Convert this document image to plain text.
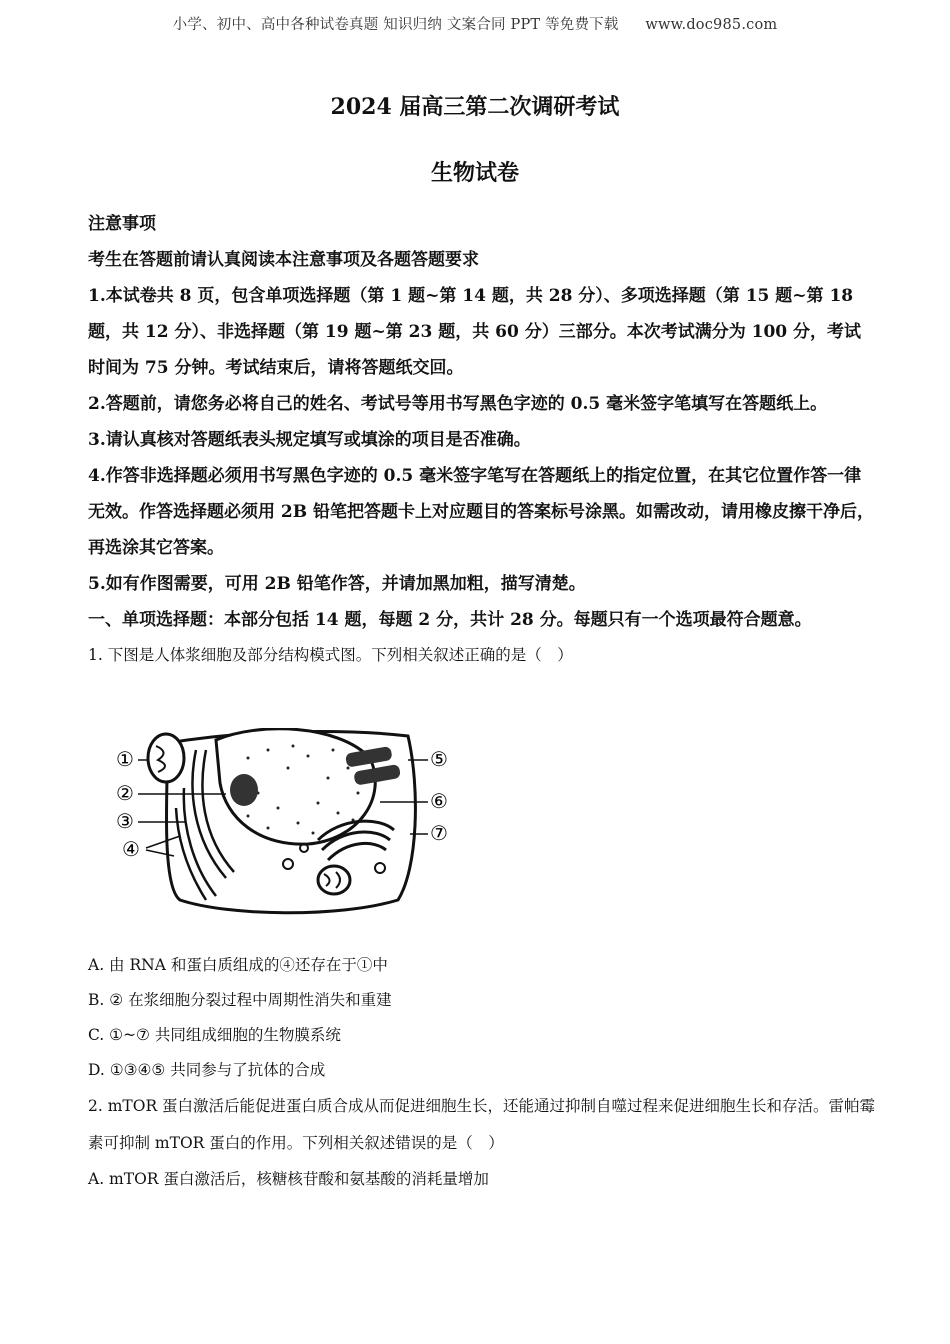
小学、初中、高中各种试卷真题 知识归纳 文案合同 PPT 等免费下载 www.doc985.com
2024 届高三第二次调研考试
生物试卷
注意事项
考生在答题前请认真阅读本注意事项及各题答题要求
1.本试卷共 8 页，包含单项选择题（第 1 题~第 14 题，共 28 分）、多项选择题（第 15 题~第 18 题，共 12 分）、非选择题（第 19 题~第 23 题，共 60 分）三部分。本次考试满分为 100 分，考试时间为 75 分钟。考试结束后，请将答题纸交回。
2.答题前，请您务必将自己的姓名、考试号等用书写黑色字迹的 0.5 毫米签字笔填写在答题纸上。
3.请认真核对答题纸表头规定填写或填涂的项目是否准确。
4.作答非选择题必须用书写黑色字迹的 0.5 毫米签字笔写在答题纸上的指定位置，在其它位置作答一律无效。作答选择题必须用 2B 铅笔把答题卡上对应题目的答案标号涂黑。如需改动，请用橡皮擦干净后，再选涂其它答案。
5.如有作图需要，可用 2B 铅笔作答，并请加黑加粗，描写清楚。
一、单项选择题：本部分包括 14 题，每题 2 分，共计 28 分。每题只有一个选项最符合题意。
1. 下图是人体浆细胞及部分结构模式图。下列相关叙述正确的是（　）
①
②
③
④
⑤
⑥
⑦
A. 由 RNA 和蛋白质组成的④还存在于①中
B. ② 在浆细胞分裂过程中周期性消失和重建
C. ①~⑦ 共同组成细胞的生物膜系统
D. ①③④⑤ 共同参与了抗体的合成
2. mTOR 蛋白激活后能促进蛋白质合成从而促进细胞生长，还能通过抑制自噬过程来促进细胞生长和存活。雷帕霉素可抑制 mTOR 蛋白的作用。下列相关叙述错误的是（　）
A. mTOR 蛋白激活后，核糖核苷酸和氨基酸的消耗量增加
